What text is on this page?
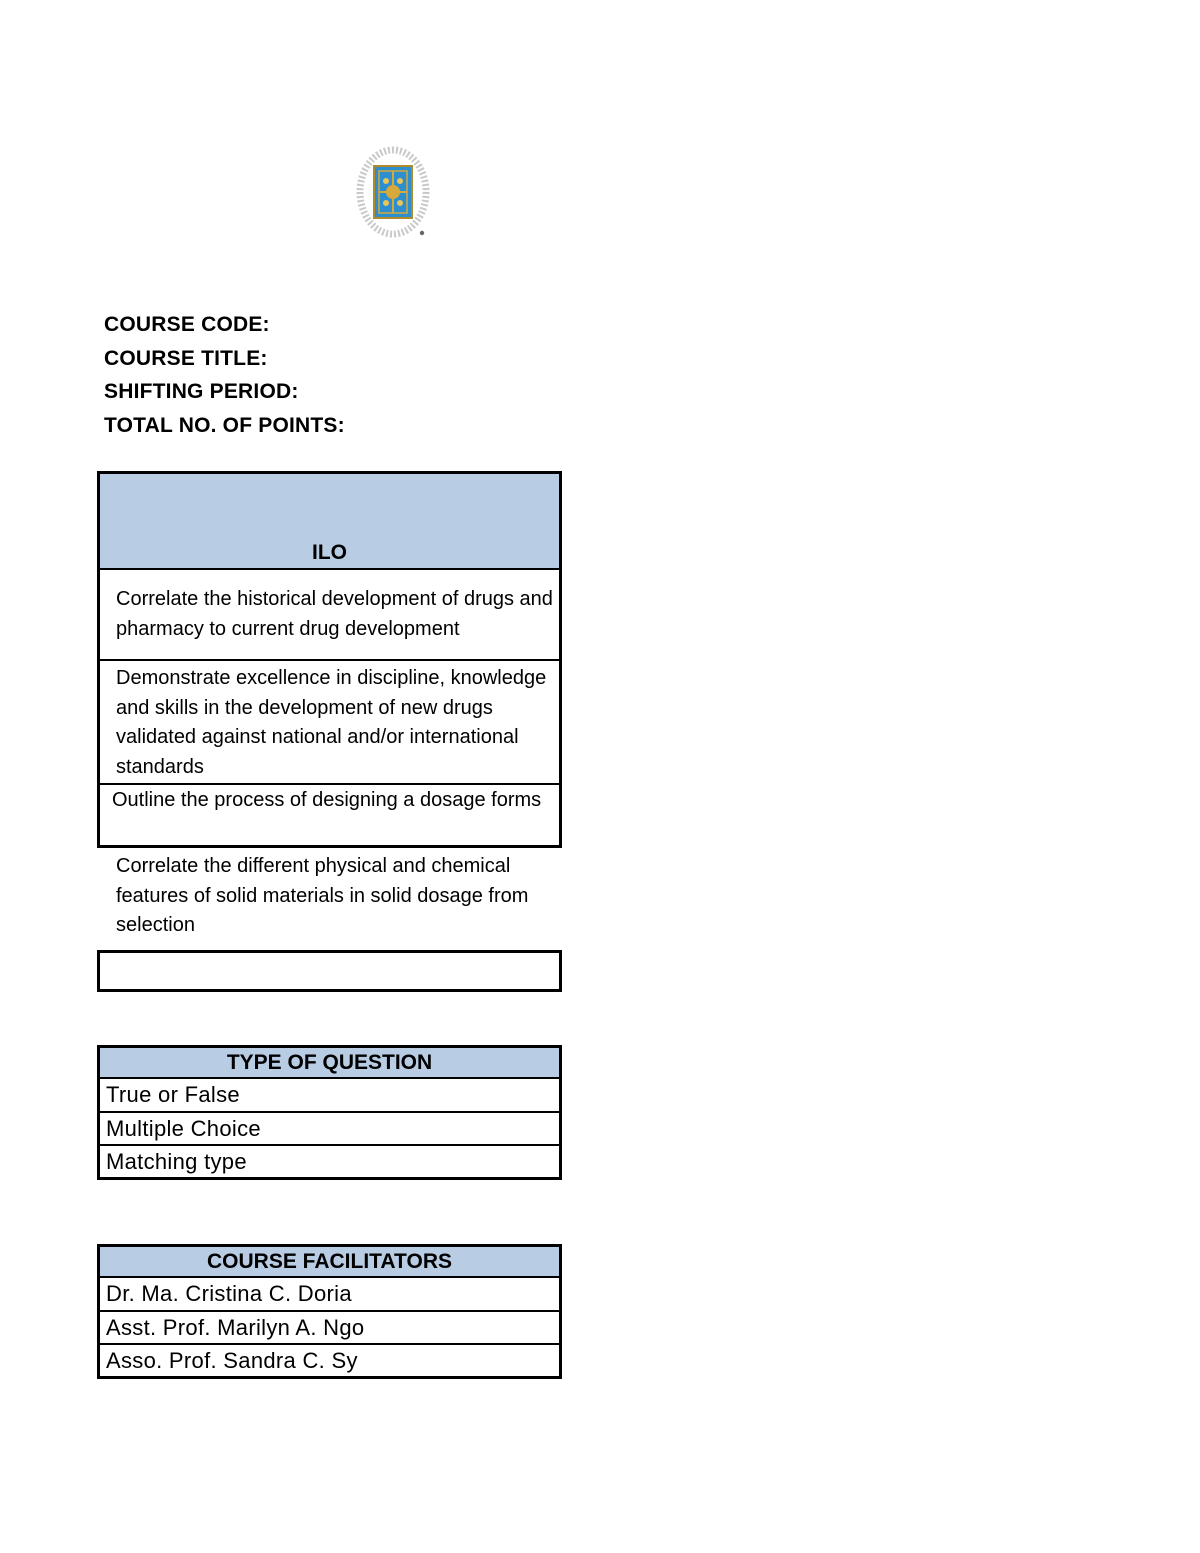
COURSE CODE:
COURSE TITLE:
SHIFTING PERIOD:
TOTAL NO. OF POINTS:
ILO
Correlate the historical development of drugs and pharmacy to current drug development
Demonstrate excellence in discipline, knowledge and skills in the development of new drugs validated against national and/or international standards
Outline the process of designing a dosage forms
Correlate the different physical and chemical features of solid materials in solid dosage from selection
TYPE OF QUESTION
True or False
Multiple Choice
Matching type
COURSE FACILITATORS
Dr. Ma. Cristina C. Doria
Asst. Prof. Marilyn A. Ngo
Asso. Prof. Sandra C. Sy
